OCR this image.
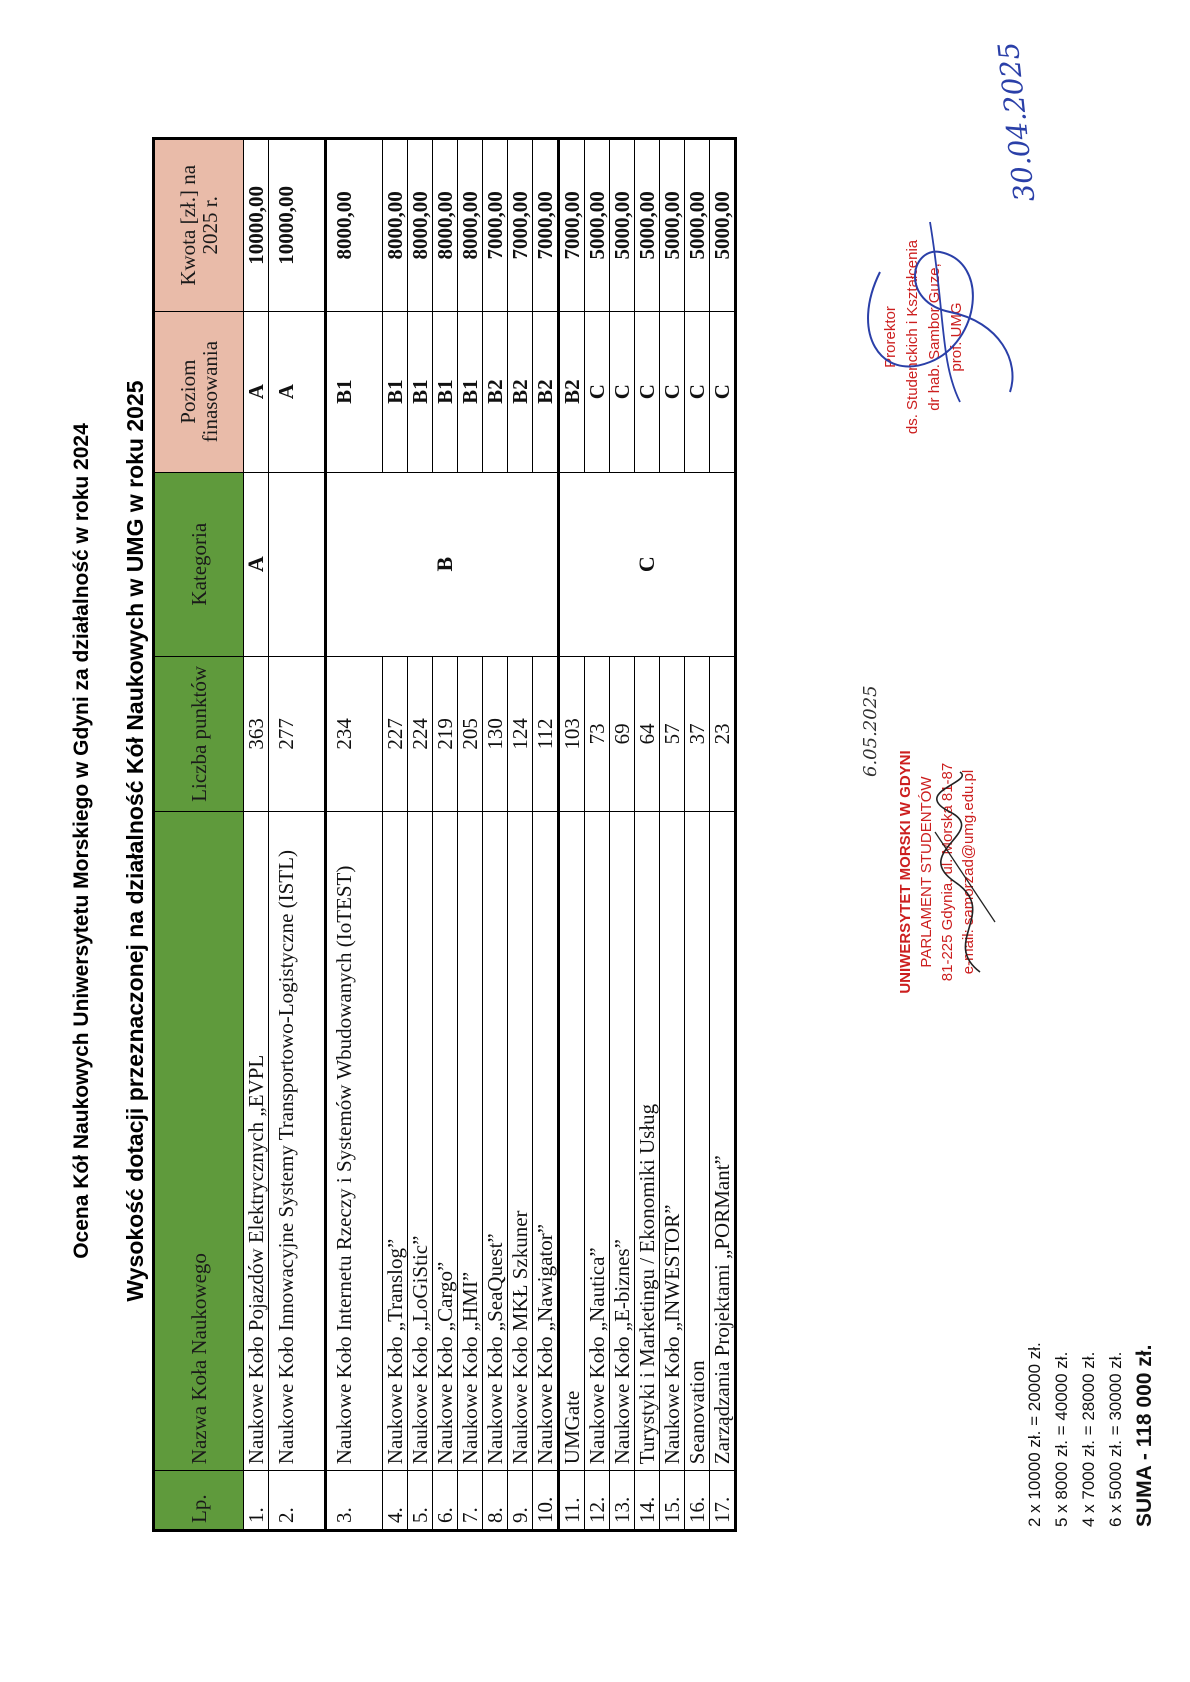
Ocena Kół Naukowych Uniwersytetu Morskiego w Gdyni za działalność w roku 2024 Wysokość dotacji przeznaczonej na działalność Kół Naukowych w UMG w roku 2025
Lp.	Nazwa Koła Naukowego	Liczba punktów	Kategoria	Poziom finasowania	Kwota [zł.] na 2025 r.
1.	Naukowe Koło Pojazdów Elektrycznych „EVPL	363	A	A	10000,00
2.	Naukowe Koło Innowacyjne Systemy Transportowo-Logistyczne (ISTL)	277		A	10000,00
3.	Naukowe Koło Internetu Rzeczy i Systemów Wbudowanych (IoTEST)	234	B	B1	8000,00
4.	Naukowe Koło „Translog”	227		B1	8000,00
5.	Naukowe Koło „LoGiStic”	224		B1	8000,00
6.	Naukowe Koło „Cargo”	219		B1	8000,00
7.	Naukowe Koło „HMI”	205		B1	8000,00
8.	Naukowe Koło „SeaQuest”	130		B2	7000,00
9.	Naukowe Koło MKŁ Szkuner	124		B2	7000,00
10.	Naukowe Koło „Nawigator”	112		B2	7000,00
11.	UMGate	103	C	B2	7000,00
12.	Naukowe Koło „Nautica”	73		C	5000,00
13.	Naukowe Koło „E-biznes”	69		C	5000,00
14.	Turystyki i Marketingu / Ekonomiki Usług	64		C	5000,00
15.	Naukowe Koło „INWESTOR”	57		C	5000,00
16.	Seanovation	37		C	5000,00
17.	Zarządzania Projektami „PORMant”	23		C	5000,00
2 x 10000 zł. = 20000 zł. 5 x 8000 zł. = 40000 zł. 4 x 7000 zł. = 28000 zł. 6 x 5000 zł. = 30000 zł. SUMA - 118 000 zł.
UNIWERSYTET MORSKI W GDYNI PARLAMENT STUDENTÓW 81-225 Gdynia, ul. Morska 81-87 e-mail: samorzad@umg.edu.pl
6.05.2025
Prorektor ds. Studenckich i Kształcenia dr hab. Sambor Guze, prof. UMG
30.04.2025
